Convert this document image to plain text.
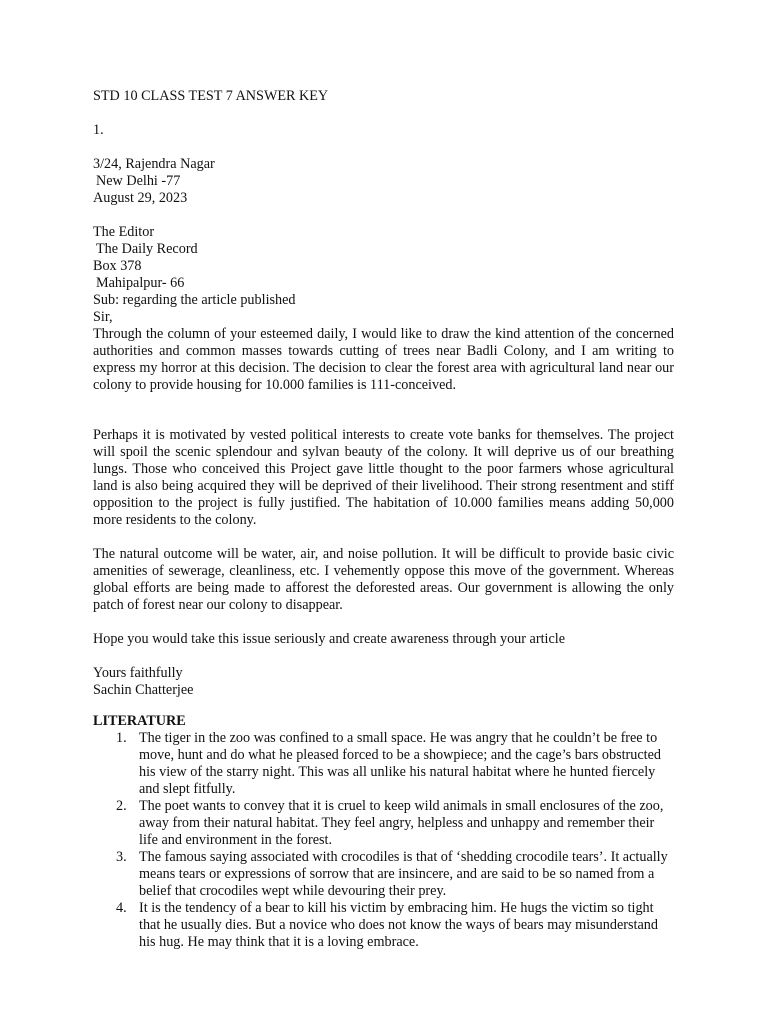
STD 10 CLASS TEST 7 ANSWER KEY
1.
3/24, Rajendra Nagar
New Delhi -77
August 29, 2023
The Editor
The Daily Record
Box 378
Mahipalpur- 66
Sub: regarding the article published
Sir,

Through the column of your esteemed daily, I would like to draw the kind attention of the concerned authorities and common masses towards cutting of trees near Badli Colony, and I am writing to express my horror at this decision. The decision to clear the forest area with agricultural land near our colony to provide housing for 10.000 families is 111-conceived.

Perhaps it is motivated by vested political interests to create vote banks for themselves. The project will spoil the scenic splendour and sylvan beauty of the colony. It will deprive us of our breathing lungs. Those who conceived this Project gave little thought to the poor farmers whose agricultural land is also being acquired they will be deprived of their livelihood. Their strong resentment and stiff opposition to the project is fully justified. The habitation of 10.000 families means adding 50,000 more residents to the colony.

The natural outcome will be water, air, and noise pollution. It will be difficult to provide basic civic amenities of sewerage, cleanliness, etc. I vehemently oppose this move of the government. Whereas global efforts are being made to afforest the deforested areas. Our government is allowing the only patch of forest near our colony to disappear.

Hope you would take this issue seriously and create awareness through your article

Yours faithfully
Sachin Chatterjee
LITERATURE
1. The tiger in the zoo was confined to a small space. He was angry that he couldn’t be free to move, hunt and do what he pleased forced to be a showpiece; and the cage’s bars obstructed his view of the starry night. This was all unlike his natural habitat where he hunted fiercely and slept fitfully.
2. The poet wants to convey that it is cruel to keep wild animals in small enclosures of the zoo, away from their natural habitat. They feel angry, helpless and unhappy and remember their life and environment in the forest.
3. The famous saying associated with crocodiles is that of ‘shedding crocodile tears’. It actually means tears or expressions of sorrow that are insincere, and are said to be so named from a belief that crocodiles wept while devouring their prey.
4. It is the tendency of a bear to kill his victim by embracing him. He hugs the victim so tight that he usually dies. But a novice who does not know the ways of bears may misunderstand his hug. He may think that it is a loving embrace.
